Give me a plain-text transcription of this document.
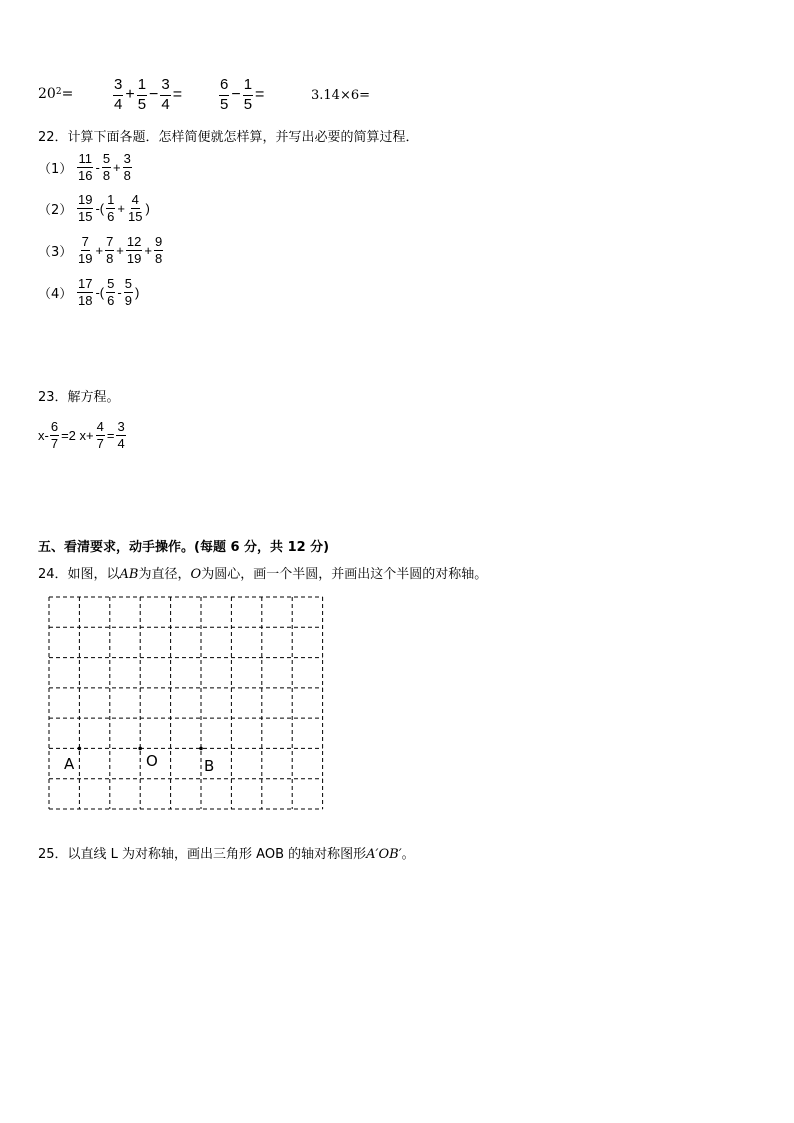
$20^2$ =	$\frac{3}{4} + \frac{1}{5} - \frac{3}{4} = \frac{6}{5} - \frac{1}{5}$ =	3.14×6=
22．计算下面各题．怎样简便就怎样算，并写出必要的简算过程．
$(1) \frac{11}{16} - \frac{5}{8} + \frac{3}{8}$
$(2) \frac{19}{15}$ -( $\frac{1}{6} + \frac{4}{15}$ )
$(3) \frac{7}{19} + \frac{7}{8} + \frac{12}{19} + \frac{9}{8}$
$(4) \frac{17}{18}$ -( $\frac{5}{6} - \frac{5}{9}$ )
23．解方程。
$x- \frac{6}{7} =2$ $x+ \frac{4}{7} = \frac{3}{4}$
五、看清要求，动手操作。(每题 6 分，共 12 分)
24．如图，以AB为直径，O为圆心，画一个半圆，并画出这个半圆的对称轴。
A	O	B
25．以直线 L 为对称轴，画出三角形 AOB 的轴对称图形A′OB′。
